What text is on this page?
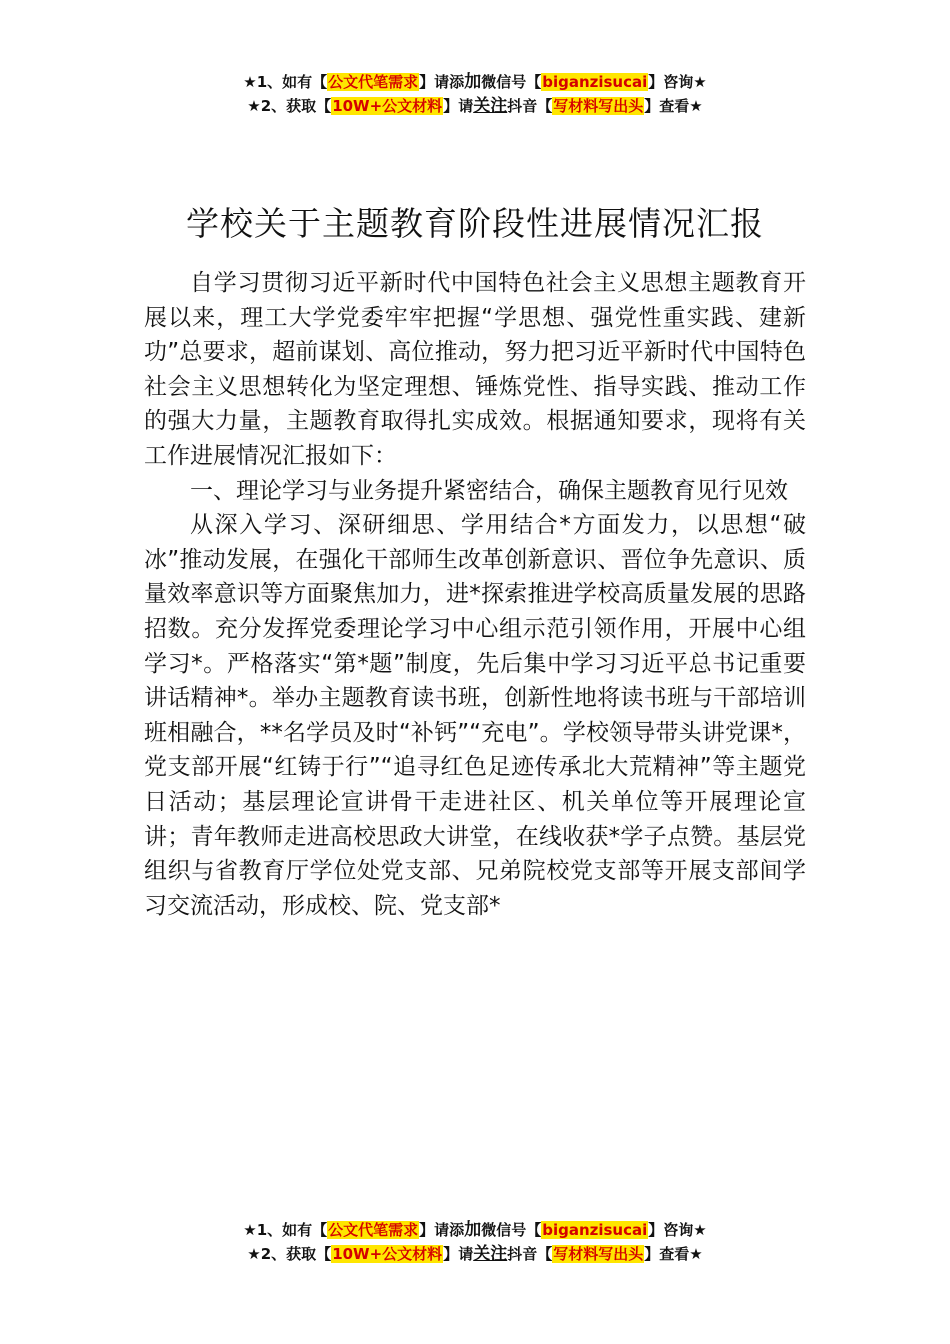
★1、如有【公文代笔需求】请添加微信号【biganzisucai】咨询★
★2、获取【10W+公文材料】请关注抖音【写材料写出头】查看★
学校关于主题教育阶段性进展情况汇报

自学习贯彻习近平新时代中国特色社会主义思想主题教育开展以来，理工大学党委牢牢把握“学思想、强党性重实践、建新功”总要求，超前谋划、高位推动，努力把习近平新时代中国特色社会主义思想转化为坚定理想、锤炼党性、指导实践、推动工作的强大力量，主题教育取得扎实成效。根据通知要求，现将有关工作进展情况汇报如下：

一、理论学习与业务提升紧密结合，确保主题教育见行见效

从深入学习、深研细思、学用结合*方面发力，以思想“破冰”推动发展，在强化干部师生改革创新意识、晋位争先意识、质量效率意识等方面聚焦加力，进*探索推进学校高质量发展的思路招数。充分发挥党委理论学习中心组示范引领作用，开展中心组学习*。严格落实“第*题”制度，先后集中学习习近平总书记重要讲话精神*。举办主题教育读书班，创新性地将读书班与干部培训班相融合，**名学员及时“补钙”“充电”。学校领导带头讲党课*，党支部开展“红铸于行”“追寻红色足迹传承北大荒精神”等主题党日活动；基层理论宣讲骨干走进社区、机关单位等开展理论宣讲；青年教师走进高校思政大讲堂，在线收获*学子点赞。基层党组织与省教育厅学位处党支部、兄弟院校党支部等开展支部间学习交流活动，形成校、院、党支部*

★1、如有【公文代笔需求】请添加微信号【biganzisucai】咨询★
★2、获取【10W+公文材料】请关注抖音【写材料写出头】查看★
